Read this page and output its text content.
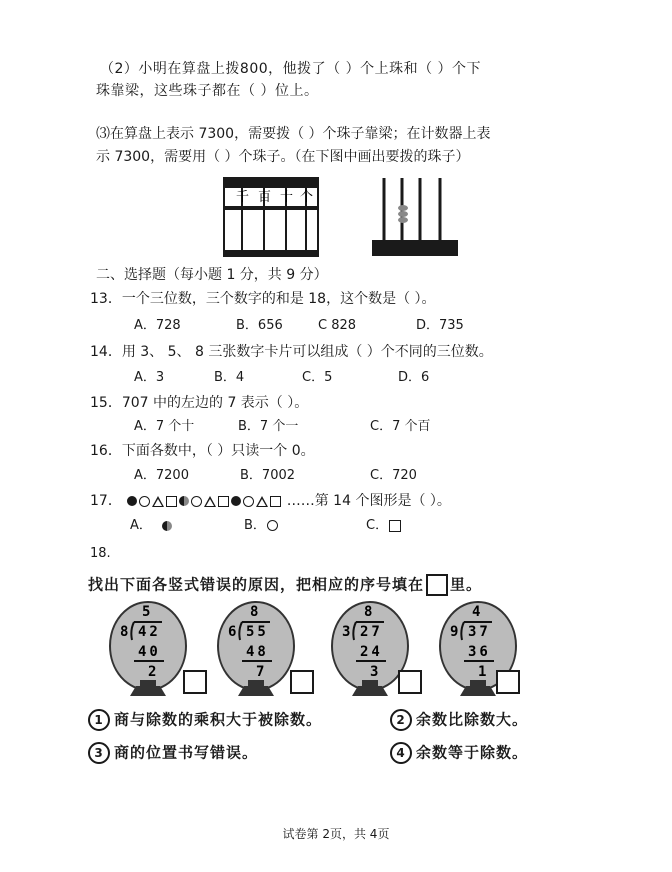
（2）小明在算盘上拨800，他拨了（ ）个上珠和（ ）个下
珠靠梁，这些珠子都在（ ）位上。
⑶在算盘上表示 7300，需要拨（ ）个珠子靠梁；在计数器上表
示 7300，需要用（ ）个珠子。（在下图中画出要拨的珠子）
千 百 十 个
二、选择题（每小题 1 分，共 9 分）
13．一个三位数，三个数字的和是 18，这个数是（ ）。
A．728	B．656	C 828	D．735
14．用 3、 5、 8 三张数字卡片可以组成（ ）个不同的三位数。
A．3	B．4	C．5	D．6
15．707 中的左边的 7 表示（ ）。
A．7 个十	B．7 个一	C．7 个百
16．下面各数中，（ ）只读一个 0。
A．7200	B．7002	C．720
17．	……第 14 个图形是（ ）。
A．	B．	C．
18.
找出下面各竖式错误的原因，把相应的序号填在 里。
5
8 42
40
2
8
6 55
48
7
8
3 27
24
3
4
9 37
36
1
1 商与除数的乘积大于被除数。	2 余数比除数大。
3 商的位置书写错误。	4 余数等于除数。
试卷第 2页，共 4页
